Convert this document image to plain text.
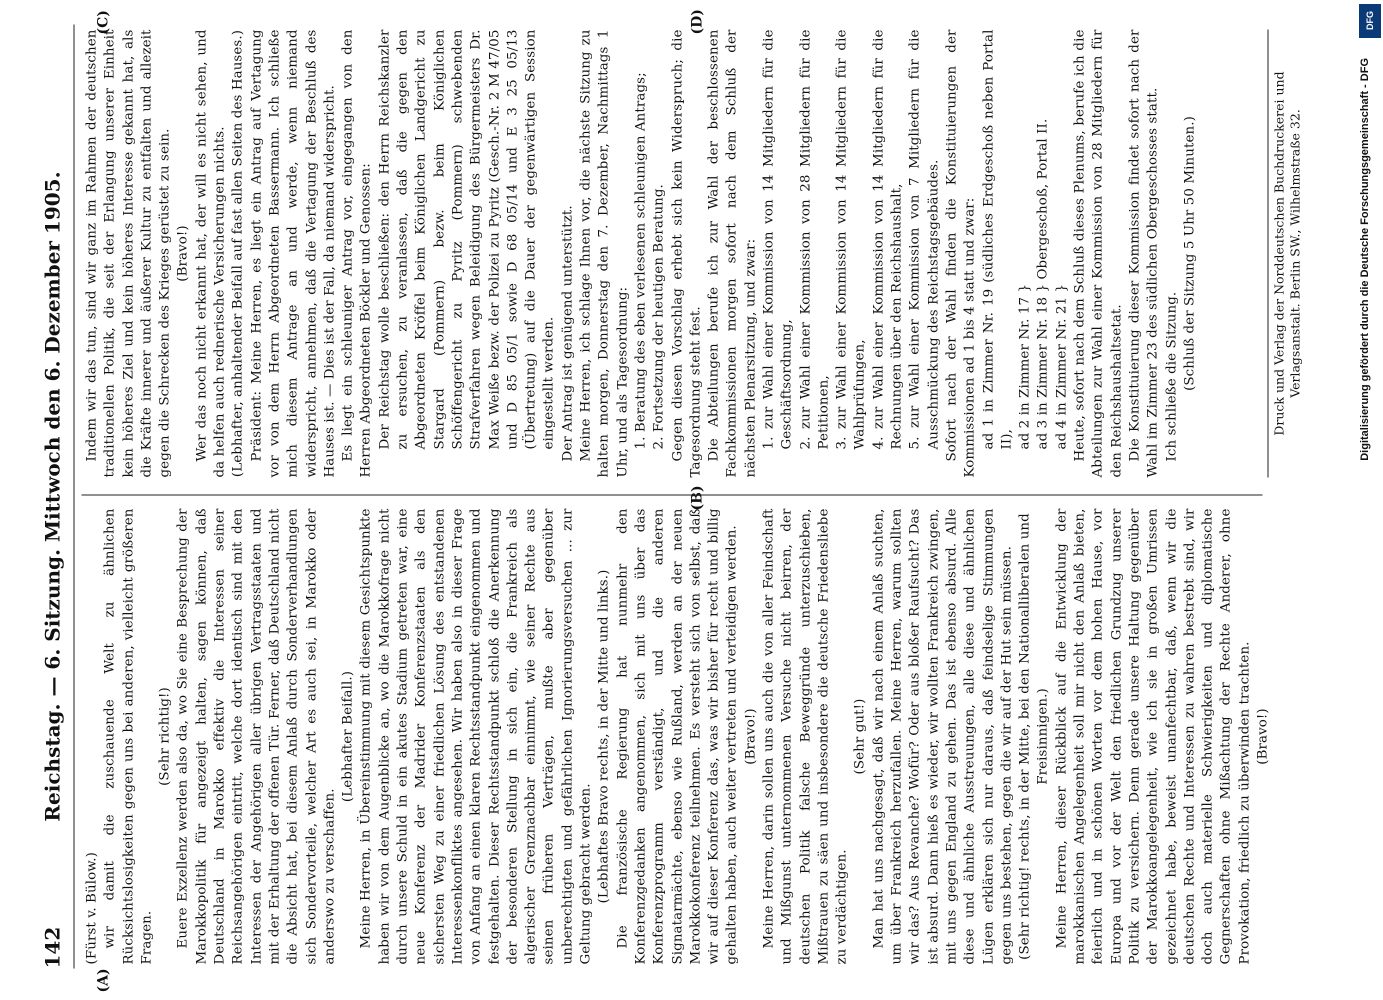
142
Reichstag. — 6. Sitzung. Mittwoch den 6. Dezember 1905.
(A)
(B)
(C)	(D)

(Fürst v. Bülow.) wir damit die zuschauende Welt zu ähnlichen Rücksichtslosigkeiten gegen uns bei anderen, vielleicht größeren Fragen.

(Sehr richtig!) Euere Exzellenz werden also da, wo Sie eine Besprechung der Marokkopolitik für angezeigt halten, sagen können, daß Deutschland in Marokko effektiv die Interessen seiner Reichsangehörigen eintritt, welche dort identisch sind mit den Interessen der Angehörigen aller übrigen Vertragsstaaten und mit der Erhaltung der offenen Tür. Ferner, daß Deutschland nicht die Absicht hat, bei diesem Anlaß durch Sonderverhandlungen sich Sondervorteile, welcher Art es auch sei, in Marokko oder anderswo zu verschaffen.

(Lebhafter Beifall.) Meine Herren, in Übereinstimmung mit diesem Gesichtspunkte haben wir von dem Augenblicke an, wo die Marokkofrage nicht durch unsere Schuld in ein akutes Stadium getreten war, eine neue Konferenz der Madrider Konferenzstaaten als den sichersten Weg zu einer friedlichen Lösung des entstandenen Interessenkonfliktes angesehen. Wir haben also in dieser Frage von Anfang an einen klaren Rechtsstandpunkt eingenommen und festgehalten. Dieser Rechtsstandpunkt schloß die Anerkennung der besonderen Stellung in sich ein, die Frankreich als algerischer Grenznachbar einnimmt, wie seiner Rechte aus seinen früheren Verträgen, mußte aber gegenüber unberechtigten und gefährlichen Ignorierungsversuchen ... zur Geltung gebracht werden. (Lebhaftes Bravo rechts, in der Mitte und links.) Die französische Regierung hat nunmehr den Konferenzgedanken angenommen, sich mit uns über das Konferenzprogramm verständigt, und die anderen Signatarmächte, ebenso wie Rußland, werden an der neuen Marokkokonferenz teilnehmen. Es versteht sich von selbst, daß wir auf dieser Konferenz das, was wir bisher für recht und billig gehalten haben, auch weiter vertreten und verteidigen werden. (Bravo!) Meine Herren, darin sollen uns auch die von aller Feindschaft und Mißgunst unternommenen Versuche nicht beirren, der deutschen Politik falsche Beweggründe unterzuschieben, Mißtrauen zu säen und insbesondere die deutsche Friedensliebe zu verdächtigen.

(Sehr gut!) Man hat uns nachgesagt, daß wir nach einem Anlaß suchten, um über Frankreich herzufallen. Meine Herren, warum sollten wir das? Aus Revanche? Wofür? Oder aus bloßer Raufsucht? Das ist absurd. Dann hieß es wieder, wir wollten Frankreich zwingen, mit uns gegen England zu gehen. Das ist ebenso absurd. Alle diese und ähnliche Ausstreuungen, alle diese und ähnlichen Lügen erklären sich nur daraus, daß feindselige Stimmungen gegen uns bestehen, gegen die wir auf der Hut sein müssen. (Sehr richtig! rechts, in der Mitte, bei den Nationalliberalen und Freisinnigen.) Meine Herren, dieser Rückblick auf die Entwicklung der marokkanischen Angelegenheit soll mir nicht den Anlaß bieten, feierlich und in schönen Worten vor dem hohen Hause, vor Europa und vor der Welt den friedlichen Grundzug unserer Politik zu versichern. Denn gerade unsere Haltung gegenüber der Marokkoangelegenheit, wie ich sie in großen Umrissen gezeichnet habe, beweist unanfechtbar, daß, wenn wir die deutschen Rechte und Interessen zu wahren bestrebt sind, wir doch auch materielle Schwierigkeiten und diplomatische Gegnerschaften ohne Mißachtung der Rechte Anderer, ohne Provokation, friedlich zu überwinden trachten. (Bravo!)

Indem wir das tun, sind wir ganz im Rahmen der deutschen traditionellen Politik, die seit der Erlangung unserer Einheit kein höheres Ziel und kein höheres Interesse gekannt hat, als die Kräfte innerer und äußerer Kultur zu entfalten und allezeit gegen die Schrecken des Krieges gerüstet zu sein. (Bravo!) Wer das noch nicht erkannt hat, der will es nicht sehen, und da helfen auch rednerische Versicherungen nichts. (Lebhafter, anhaltender Beifall auf fast allen Seiten des Hauses.) Präsident: Meine Herren, es liegt ein Antrag auf Vertagung vor von dem Herrn Abgeordneten Bassermann. Ich schließe mich diesem Antrage an und werde, wenn niemand widerspricht, annehmen, daß die Vertagung der Beschluß des Hauses ist. — Dies ist der Fall, da niemand widerspricht. Es liegt ein schleuniger Antrag vor, eingegangen von den Herren Abgeordneten Böckler und Genossen: Der Reichstag wolle beschließen: den Herrn Reichskanzler zu ersuchen, zu veranlassen, daß die gegen den Abgeordneten Kröffel beim Königlichen Landgericht zu Stargard (Pommern) bezw. beim Königlichen Schöffengericht zu Pyritz (Pommern) schwebenden Strafverfahren wegen Beleidigung des Bürgermeisters Dr. Max Weiße bezw. der Polizei zu Pyritz (Gesch.-Nr. 2 M 47/05 und D 85 05/1 sowie D 68 05/14 und E 3 25 05/13 (Übertretung) auf die Dauer der gegenwärtigen Session eingestellt werden. Der Antrag ist genügend unterstützt. Meine Herren, ich schlage Ihnen vor, die nächste Sitzung zu halten morgen, Donnerstag den 7. Dezember, Nachmittags 1 Uhr, und als Tagesordnung: 1. Beratung des eben verlesenen schleunigen Antrags; 2. Fortsetzung der heutigen Beratung. Gegen diesen Vorschlag erhebt sich kein Widerspruch; die Tagesordnung steht fest. Die Abteilungen berufe ich zur Wahl der beschlossenen Fachkommissionen morgen sofort nach dem Schluß der nächsten Plenarsitzung, und zwar: 1. zur Wahl einer Kommission von 14 Mitgliedern für die Geschäftsordnung, 2. zur Wahl einer Kommission von 28 Mitgliedern für die Petitionen, 3. zur Wahl einer Kommission von 14 Mitgliedern für die Wahlprüfungen, 4. zur Wahl einer Kommission von 14 Mitgliedern für die Rechnungen über den Reichshaushalt, 5. zur Wahl einer Kommission von 7 Mitgliedern für die Ausschmückung des Reichstagsgebäudes. Sofort nach der Wahl finden die Konstituierungen der Kommissionen ad 1 bis 4 statt und zwar: ad 1 in Zimmer Nr. 19 (südliches Erdgeschoß neben Portal II), ad 2 in Zimmer Nr. 17 } ad 3 in Zimmer Nr. 18 } Obergeschoß, Portal II. ad 4 in Zimmer Nr. 21 } Heute, sofort nach dem Schluß dieses Plenums, berufe ich die Abteilungen zur Wahl einer Kommission von 28 Mitgliedern für den Reichshaushaltsetat. Die Konstituierung dieser Kommission findet sofort nach der Wahl im Zimmer 23 des südlichen Obergeschosses statt. Ich schließe die Sitzung. (Schluß der Sitzung 5 Uhr 50 Minuten.)	Druck und Verlag der Norddeutschen Buchdruckerei und Verlagsanstalt. Berlin SW., Wilhelmstraße 32.	Digitalisierung gefördert durch die Deutsche Forschungsgemeinschaft - DFG
DFG
